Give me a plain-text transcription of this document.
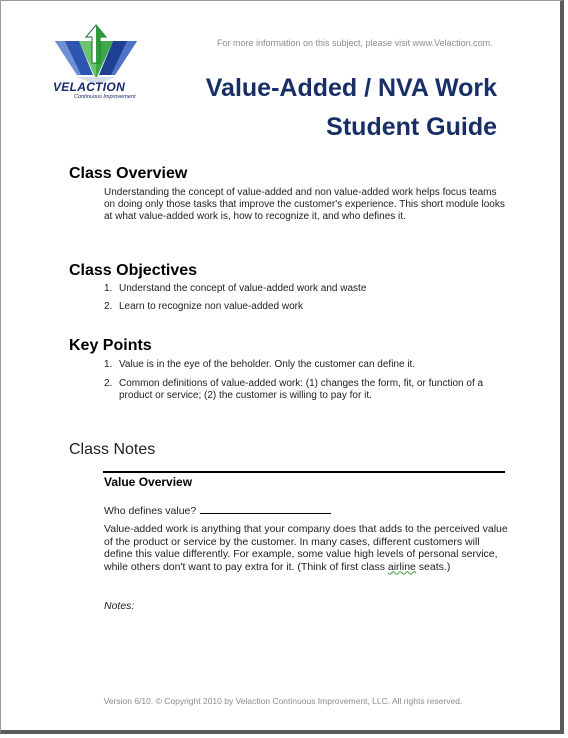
VELACTION
Continuous Improvement
For more information on this subject, please visit www.Velaction.com.
Value-Added / NVA Work
Student Guide
Class Overview
Understanding the concept of value-added and non value-added work helps focus teams on doing only those tasks that improve the customer's experience. This short module looks at what value-added work is, how to recognize it, and who defines it.
Class Objectives
1. Understand the concept of value-added work and waste
2. Learn to recognize non value-added work
Key Points
1. Value is in the eye of the beholder. Only the customer can define it.
2. Common definitions of value-added work: (1) changes the form, fit, or function of a product or service; (2) the customer is willing to pay for it.
Class Notes
Value Overview
Who defines value?
Value-added work is anything that your company does that adds to the perceived value of the product or service by the customer. In many cases, different customers will define this value differently. For example, some value high levels of personal service, while others don't want to pay extra for it. (Think of first class airline seats.)
Notes:
Version 6/10. © Copyright 2010 by Velaction Continuous Improvement, LLC. All rights reserved.
